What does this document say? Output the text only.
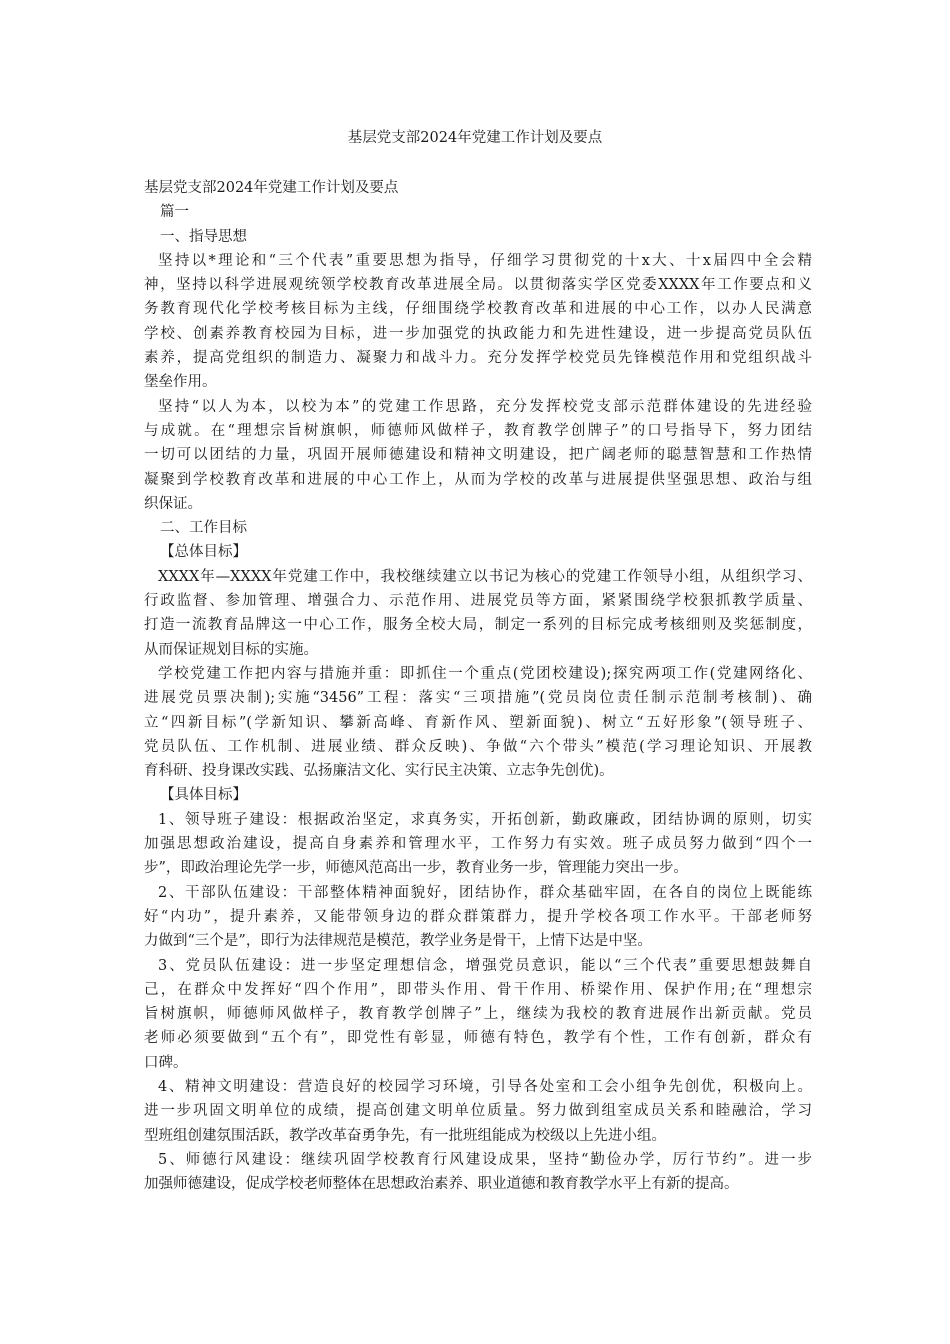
基层党支部2024年党建工作计划及要点
基层党支部2024年党建工作计划及要点
篇一
一、指导思想
坚持以*理论和“三个代表”重要思想为指导，仔细学习贯彻党的十x大、十x届四中全会精
神，坚持以科学进展观统领学校教育改革进展全局。以贯彻落实学区党委XXXX年工作要点和义
务教育现代化学校考核目标为主线，仔细围绕学校教育改革和进展的中心工作，以办人民满意
学校、创素养教育校园为目标，进一步加强党的执政能力和先进性建设，进一步提高党员队伍
素养，提高党组织的制造力、凝聚力和战斗力。充分发挥学校党员先锋模范作用和党组织战斗
堡垒作用。
坚持“以人为本，以校为本”的党建工作思路，充分发挥校党支部示范群体建设的先进经验
与成就。在“理想宗旨树旗帜，师德师风做样子，教育教学创牌子”的口号指导下，努力团结
一切可以团结的力量，巩固开展师德建设和精神文明建设，把广阔老师的聪慧智慧和工作热情
凝聚到学校教育改革和进展的中心工作上，从而为学校的改革与进展提供坚强思想、政治与组
织保证。
二、工作目标
【总体目标】
XXXX年—XXXX年党建工作中，我校继续建立以书记为核心的党建工作领导小组，从组织学习、
行政监督、参加管理、增强合力、示范作用、进展党员等方面，紧紧围绕学校狠抓教学质量、
打造一流教育品牌这一中心工作，服务全校大局，制定一系列的目标完成考核细则及奖惩制度，
从而保证规划目标的实施。
学校党建工作把内容与措施并重：即抓住一个重点(党团校建设);探究两项工作(党建网络化、
进展党员票决制);实施“3456”工程：落实“三项措施”(党员岗位责任制示范制考核制)、确
立“四新目标”(学新知识、攀新高峰、育新作风、塑新面貌)、树立“五好形象”(领导班子、
党员队伍、工作机制、进展业绩、群众反映)、争做“六个带头”模范(学习理论知识、开展教
育科研、投身课改实践、弘扬廉洁文化、实行民主决策、立志争先创优)。
【具体目标】
1、领导班子建设：根据政治坚定，求真务实，开拓创新，勤政廉政，团结协调的原则，切实
加强思想政治建设，提高自身素养和管理水平，工作努力有实效。班子成员努力做到“四个一
步”，即政治理论先学一步，师德风范高出一步，教育业务一步，管理能力突出一步。
2、干部队伍建设：干部整体精神面貌好，团结协作，群众基础牢固，在各自的岗位上既能练
好“内功”，提升素养，又能带领身边的群众群策群力，提升学校各项工作水平。干部老师努
力做到“三个是”，即行为法律规范是模范，教学业务是骨干，上情下达是中坚。
3、党员队伍建设：进一步坚定理想信念，增强党员意识，能以“三个代表”重要思想鼓舞自
己，在群众中发挥好“四个作用”，即带头作用、骨干作用、桥梁作用、保护作用;在“理想宗
旨树旗帜，师德师风做样子，教育教学创牌子”上，继续为我校的教育进展作出新贡献。党员
老师必须要做到“五个有”，即党性有彰显，师德有特色，教学有个性，工作有创新，群众有
口碑。
4、精神文明建设：营造良好的校园学习环境，引导各处室和工会小组争先创优，积极向上。
进一步巩固文明单位的成绩，提高创建文明单位质量。努力做到组室成员关系和睦融洽，学习
型班组创建氛围活跃，教学改革奋勇争先，有一批班组能成为校级以上先进小组。
5、师德行风建设：继续巩固学校教育行风建设成果，坚持“勤俭办学，厉行节约”。进一步
加强师德建设，促成学校老师整体在思想政治素养、职业道德和教育教学水平上有新的提高。
